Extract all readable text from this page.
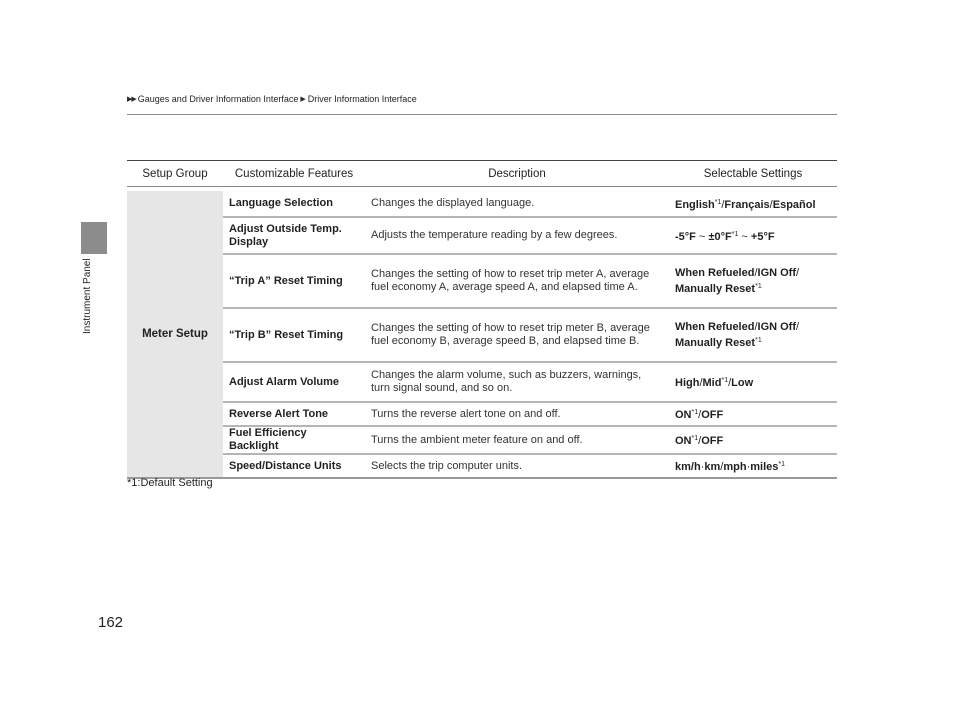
Instrument Panel
▶▶ Gauges and Driver Information Interface ▶ Driver Information Interface
Setup Group	Customizable Features	Description	Selectable Settings

Meter Setup	Language Selection	Changes the displayed language.	English$^{*1}$/Français/Español
	Adjust Outside Temp. Display	Adjusts the temperature reading by a few degrees.	-5°F ~ $\pm 0^\circ F^{*1}$ ~ +5°F
	“Trip A” Reset Timing	Changes the setting of how to reset trip meter A, average fuel economy A, average speed A, and elapsed time A.	When Refueled/IGN Off/ Manually Reset$^{*1}$
	“Trip B” Reset Timing	Changes the setting of how to reset trip meter B, average fuel economy B, average speed B, and elapsed time B.	When Refueled/IGN Off/ Manually Reset$^{*1}$
	Adjust Alarm Volume	Changes the alarm volume, such as buzzers, warnings, turn signal sound, and so on.	High/Mid$^{*1}$/Low
	Reverse Alert Tone	Turns the reverse alert tone on and off.	ON$^{*1}$/OFF
	Fuel Efficiency Backlight	Turns the ambient meter feature on and off.	ON$^{*1}$/OFF
	Speed/Distance Units	Selects the trip computer units.	km/h·km/mph·miles$^{*1}$
*1:Default Setting
162
